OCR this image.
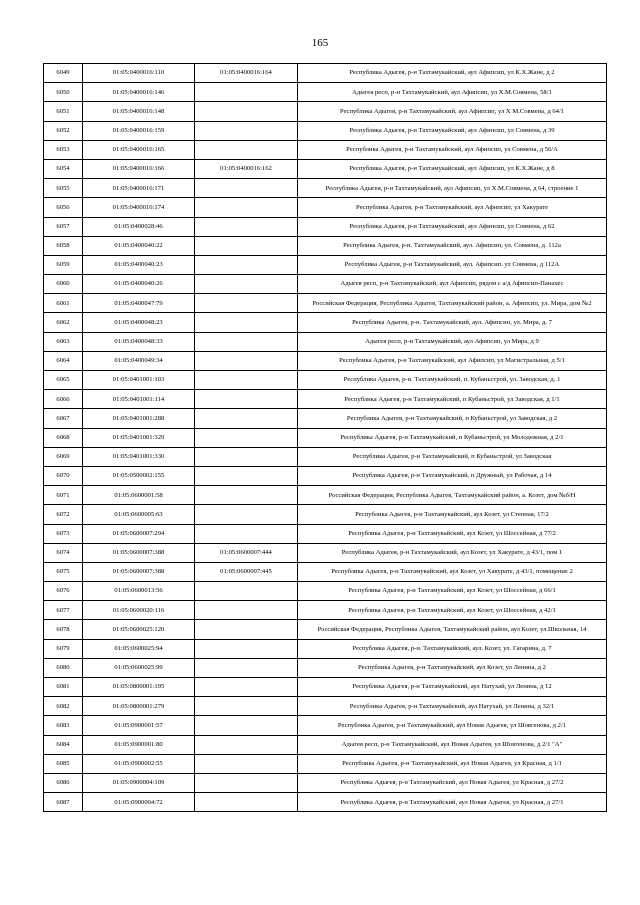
165
6049	01:05:0400016:110	01:05:0400016:164	Республика Адыгея, р-н Тахтамукайский, аул Афипсип, ул К.Х.Жане, д 2
6050	01:05:0400016:146		Адыгея респ, р-н Тахтамукайский, аул Афипсип, ул Х.М.Совмена, 58/1
6051	01:05:0400016:148		Республика Адыгея, р-н Тахтамукайский, аул Афипсип, ул Х М.Совмена, д 64/1
6052	01:05:0400016:159		Республика Адыгея, р-н Тахтамукайский, аул Афипсип, ул Совмена, д 39
6053	01:05:0400016:165		Республика Адыгея, р-н Тахтамукайский, аул Афипсип, ул Совмена, д 56/А
6054	01:05:0400016:166	01:05:0400016:162	Республика Адыгея, р-н Тахтамукайский, аул Афипсип, ул К.Х.Жане, д 8
6055	01:05:0400016:171		Республика Адыгея, р-н Тахтамукайский, аул Афипсип, ул Х.М.Совмена, д 64, строение 1
6056	01:05:0400016:174		Республика Адыгея, р-н Тахтамукайский, аул Афипсип, ул Хакурате
6057	01:05:0400028:46		Республика Адыгея, р-н Тахтамукайский, аул Афипсип, ул Совмена, д 62
6058	01:05:0400040:22		Республика Адыгея, р-н. Тахтамукайский, аул. Афипсип, ул. Совмена, д. 112а
6059	01:05:0400040:23		Республика Адыгея, р-н Тахтамукайский, аул. Афипсип. ул Совмена, д 112А
6060	01:05:0400040:26		Адыгея респ, р-н Тахтамукайский, аул Афипсип, рядом с а/д Афипсип-Панахес
6061	01:05:0400047:79		Российская Федерация, Республика Адыгея, Тахтамукайский район, а. Афипсип, ул. Мира, дом №2
6062	01:05:0400048:23		Республика Адыгея, р-н. Тахтамукайский, аул. Афипсип, ул. Мира, д. 7
6063	01:05:0400048:33		Адыгея респ, р-н Тахтамукайский, аул Афипсип, ул Мира, д 9
6064	01:05:0400049:34		Республика Адыгея, р-н Тахтамукайский, аул Афипсип, ул Магистральная, д 5/1
6065	01:05:0401001:103		Республика Адыгея, р-н. Тахтамукайский, п. Кубаньстрой, ул. Заводская, д. 1
6066	01:05:0401001:114		Республика Адыгея, р-н Тахтамукайский, п Кубаньстрой, ул Заводская, д 1/1
6067	01:05:0401001:288		Республика Адыгея, р-н Тахтамукайский, п Кубаньстрой, ул Заводская, д 2
6068	01:05:0401001:329		Республика Адыгея, р-н Тахтамукайский, п Кубаньстрой, ул Молодежная, д 2/1
6069	01:05:0401001:330		Республика Адыгея, р-н Тахтамукайский, п Кубаньстрой, ул Заводская
6070	01:05:0500002:155		Республика Адыгея, р-н Тахтамукайский, п Дружный, ул Рабочая, д 14
6071	01:05:0600001:58		Российская Федерация, Республика Адыгея, Тахтамукайский район, а. Козет, дом №б/Н
6072	01:05:0600005:63		Республика Адыгея, р-н Тахтамукайский, аул Козет, ул Степная, 17/2
6073	01:05:0600007:294		Республика Адыгея, р-н Тахтамукайский, аул Козет, ул Шоссейная, д 77/2
6074	01:05:0600007:388	01:05:0600007:444	Республика Адыгея, р-н Тахтамукайский, аул Козет, ул Хакурате, д 43/1, пом 1
6075	01:05:0600007:388	01:05:0600007:445	Республика Адыгея, р-н Тахтамукайский, аул Козет, ул Хакурате, д 43/1, помещение 2
6076	01:05:0600013:56		Республика Адыгея, р-н Тахтамукайский, аул Козет, ул Шоссейная, д 66/1
6077	01:05:0600020:116		Республика Адыгея, р-н Тахтамукайский, аул Козет, ул Шоссейная, д 42/1
6078	01:05:0600025:120		Российская Федерация, Республика Адыгея, Тахтамукайский район, аул Козет, ул.Школьная, 14
6079	01:05:0600025:94		Республика Адыгея, р-н. Тахтамукайский, аул. Козет, ул. Гагарина, д. 7
6080	01:05:0600025:99		Республика Адыгея, р-н Тахтамукайский, аул Козет, ул Ленина, д 2
6081	01:05:0800001:195		Республика Адыгея, р-н Тахтамукайский, аул Натухай, ул Ленина, д 12
6082	01:05:0800001:279		Республика Адыгея, р-н Тахтамукайский, аул Натухай, ул Ленина, д 32/1
6083	01:05:0900001:57		Республика Адыгея, р-н Тахтамукайский, аул Новая Адыгея, ул Шовгенова, д 2/1
6084	01:05:0900001:80		Адыгея респ, р-н Тахтамукайский, аул Новая Адыгея, ул Шовгенова, д 2/1 "А"
6085	01:05:0900002:55		Республика Адыгея, р-н Тахтамукайский, аул Новая Адыгея, ул Красная, д 1/1
6086	01:05:0900004:109		Республика Адыгея, р-н Тахтамукайский, аул Новая Адыгея, ул Красная, д 27/2
6087	01:05:0900004:72		Республика Адыгея, р-н Тахтамукайский, аул Новая Адыгея, ул Красная, д 27/1
